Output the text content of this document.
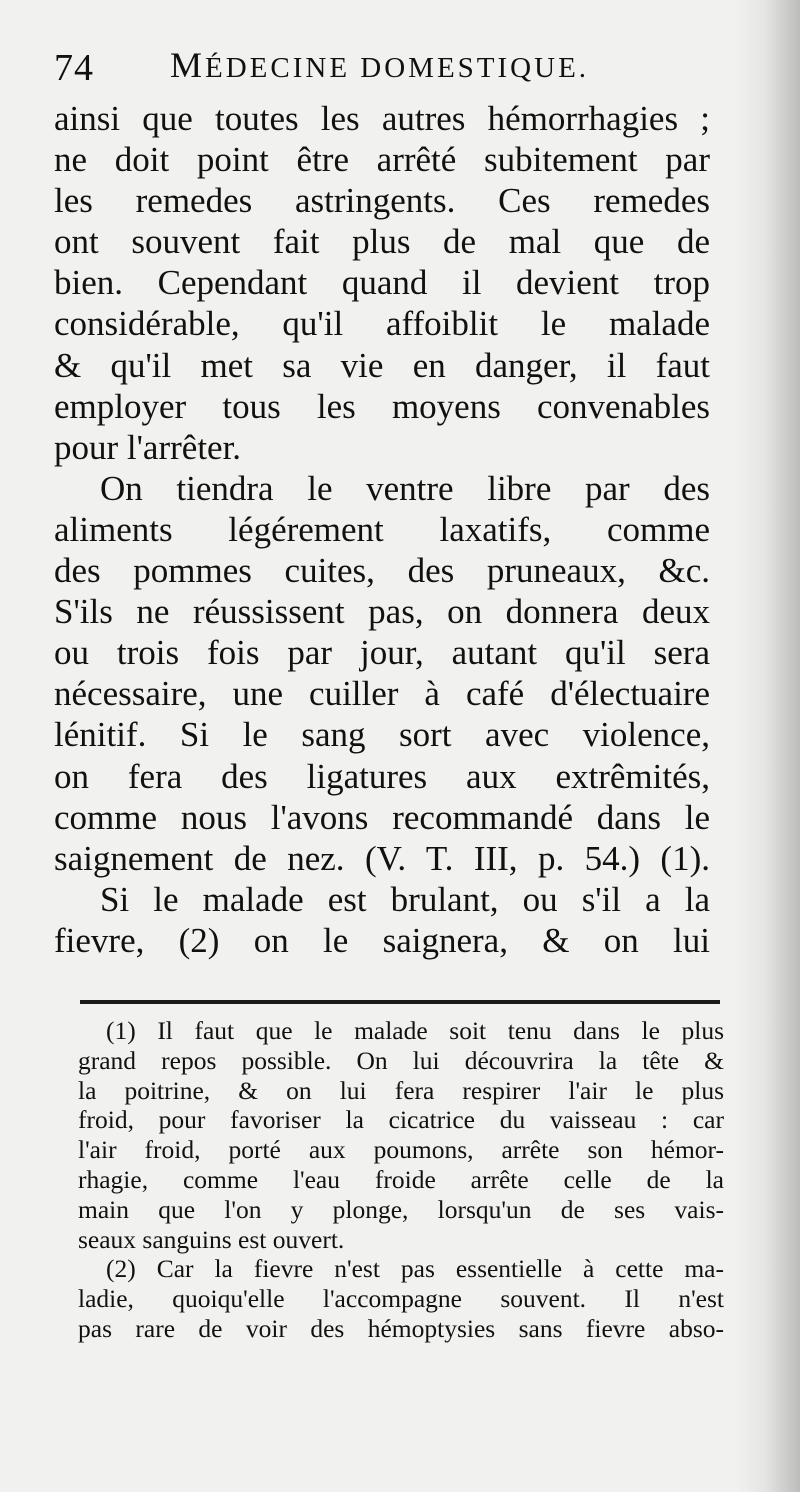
74 MÉDECINE DOMESTIQUE.
ainsi que toutes les autres hémorrhagies ;
ne doit point être arrêté subitement par
les remedes astringents. Ces remedes
ont souvent fait plus de mal que de
bien. Cependant quand il devient trop
considérable, qu'il affoiblit le malade
& qu'il met sa vie en danger, il faut
employer tous les moyens convenables
pour l'arrêter.
On tiendra le ventre libre par des
aliments légérement laxatifs, comme
des pommes cuites, des pruneaux, &c.
S'ils ne réussissent pas, on donnera deux
ou trois fois par jour, autant qu'il sera
nécessaire, une cuiller à café d'électuaire
lénitif. Si le sang sort avec violence,
on fera des ligatures aux extrêmités,
comme nous l'avons recommandé dans le
saignement de nez. (V. T. III, p. 54.) (1).
Si le malade est brulant, ou s'il a la
fievre, (2) on le saignera, & on lui
(1) Il faut que le malade soit tenu dans le plus
grand repos possible. On lui découvrira la tête &
la poitrine, & on lui fera respirer l'air le plus
froid, pour favoriser la cicatrice du vaisseau : car
l'air froid, porté aux poumons, arrête son hémor-
rhagie, comme l'eau froide arrête celle de la
main que l'on y plonge, lorsqu'un de ses vais-
seaux sanguins est ouvert.
(2) Car la fievre n'est pas essentielle à cette ma-
ladie, quoiqu'elle l'accompagne souvent. Il n'est
pas rare de voir des hémoptysies sans fievre abso-
